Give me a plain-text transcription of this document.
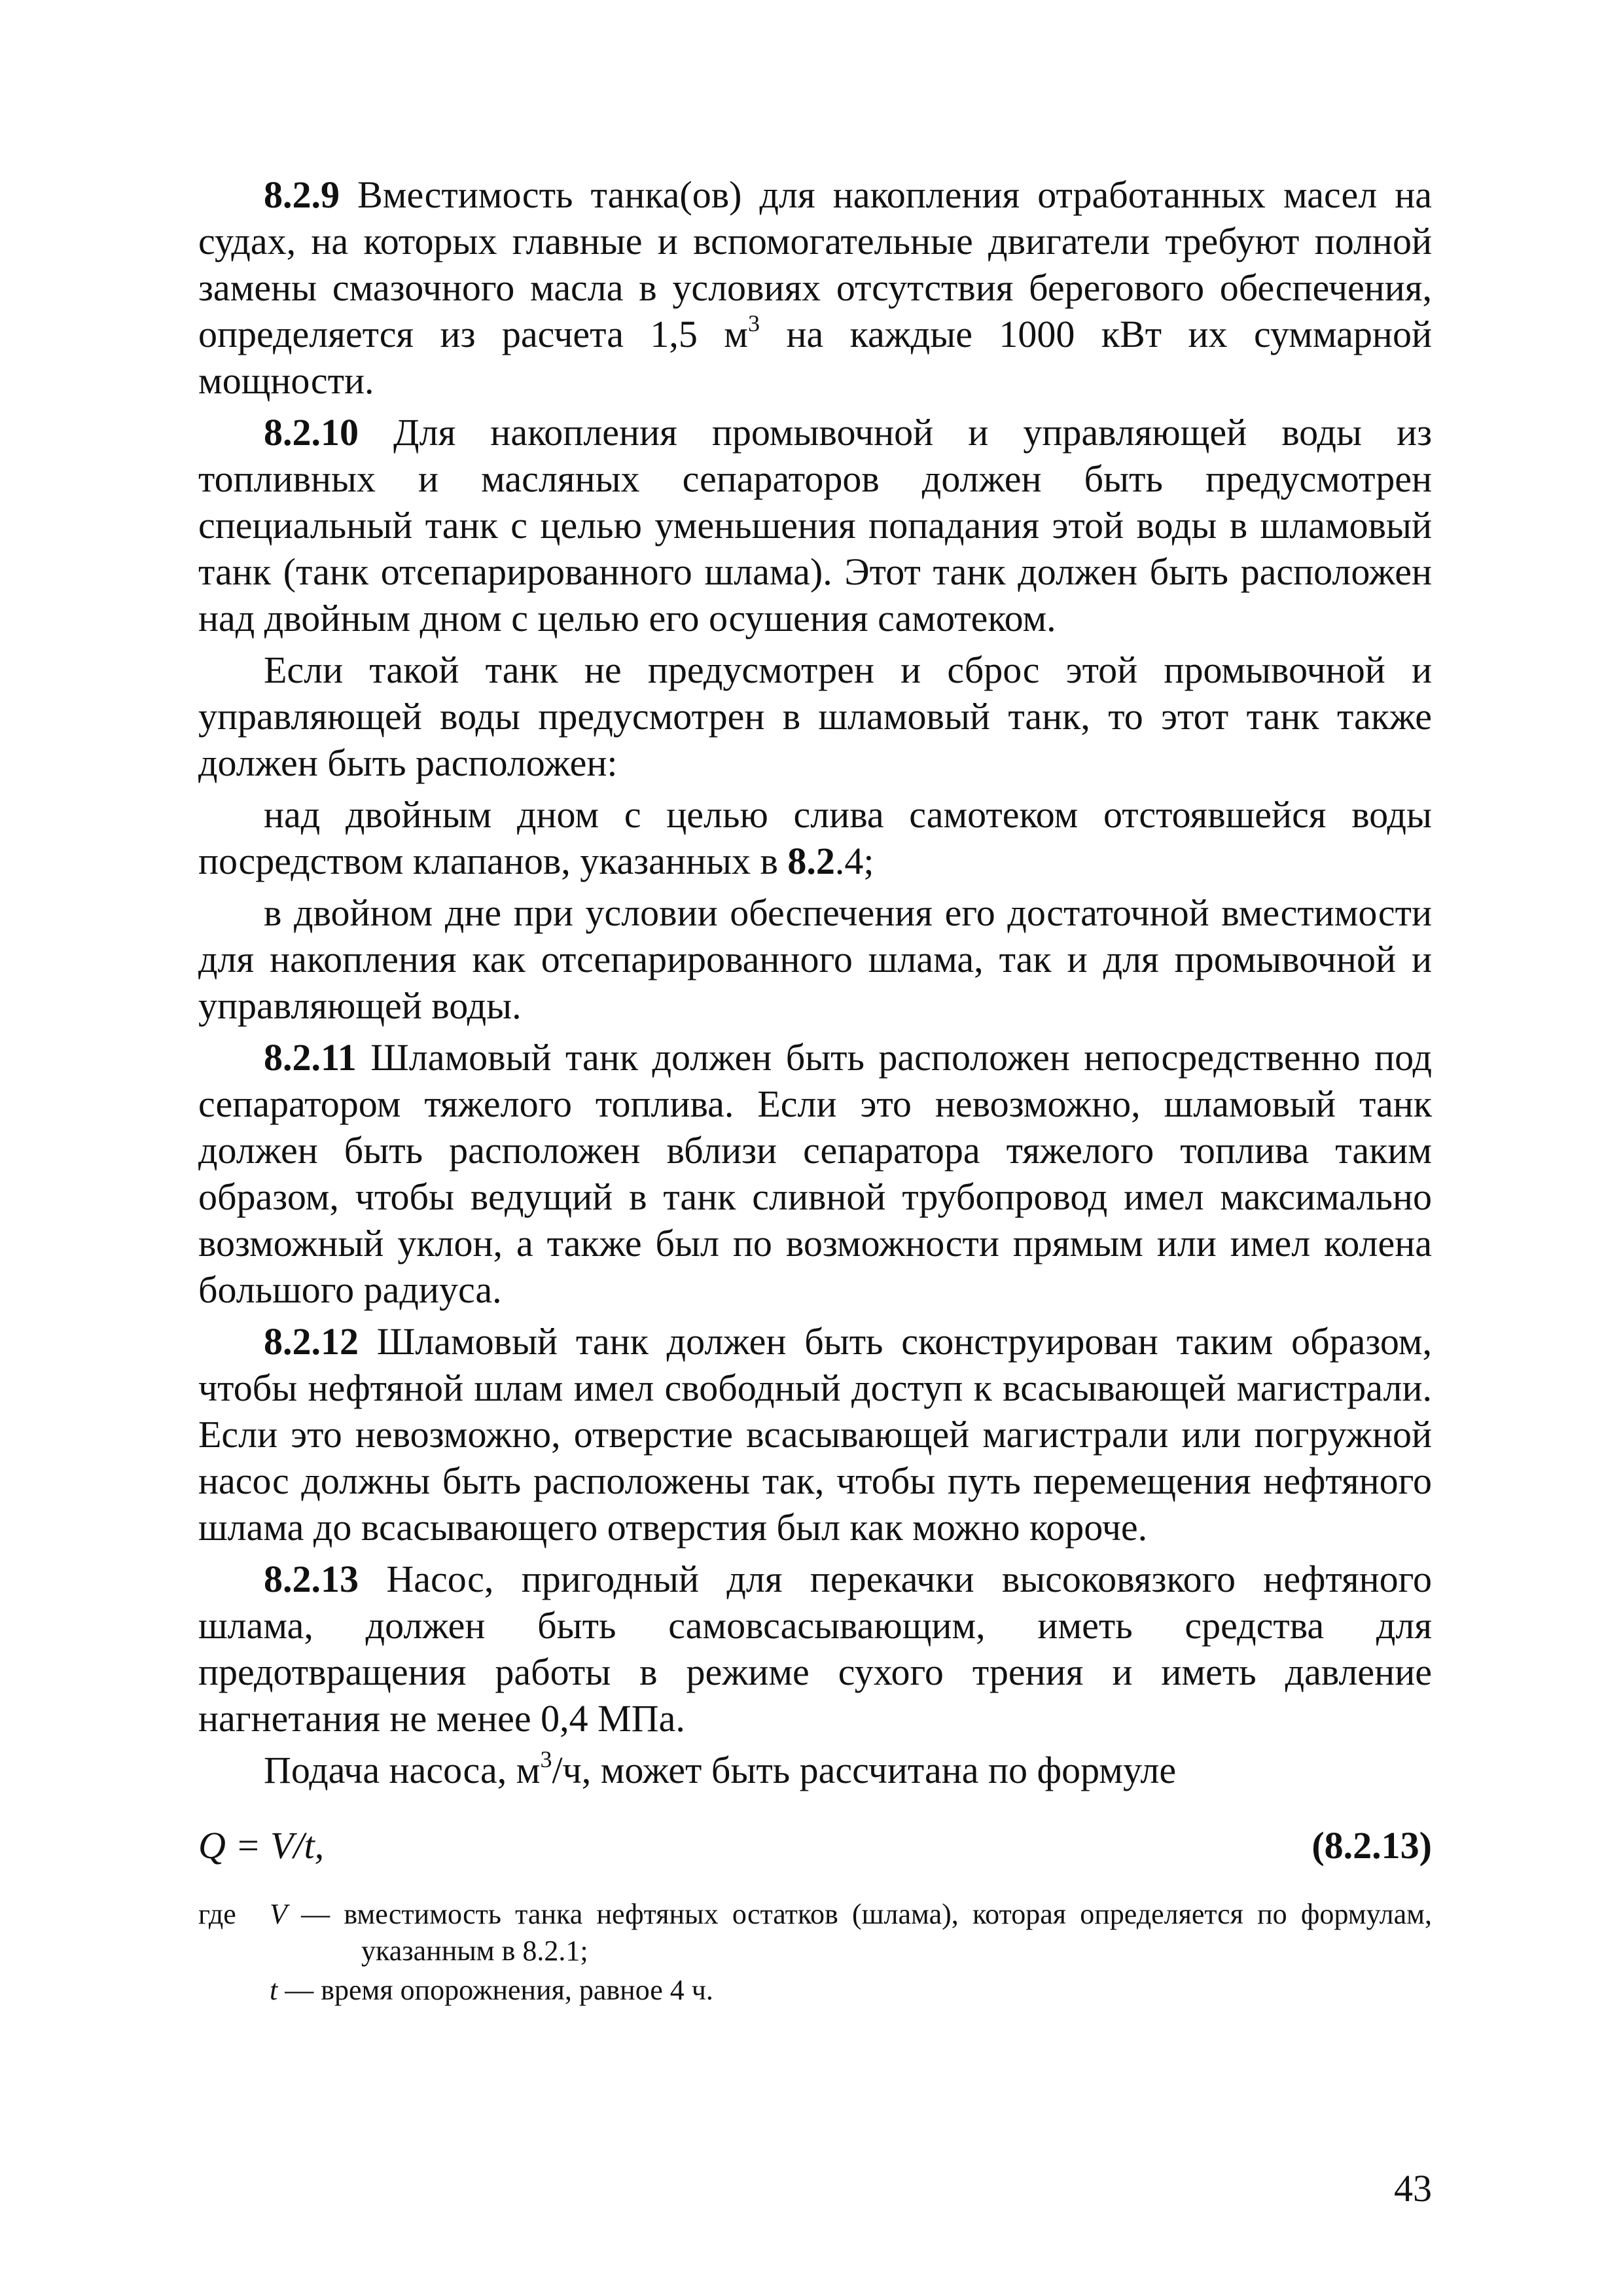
8.2.9 Вместимость танка(ов) для накопления отработанных масел на судах, на которых главные и вспомогательные двигатели требуют полной замены смазочного масла в условиях отсутствия берегового обеспечения, определяется из расчета 1,5 $м^3$ на каждые 1000 кВт их суммарной мощности.

8.2.10 Для накопления промывочной и управляющей воды из топливных и масляных сепараторов должен быть предусмотрен специальный танк с целью уменьшения попадания этой воды в шламовый танк (танк отсепарированного шлама). Этот танк должен быть расположен над двойным дном с целью его осушения самотеком.

Если такой танк не предусмотрен и сброс этой промывочной и управляющей воды предусмотрен в шламовый танк, то этот танк также должен быть расположен:

над двойным дном с целью слива самотеком отстоявшейся воды посредством клапанов, указанных в 8.2.4;

в двойном дне при условии обеспечения его достаточной вместимости для накопления как отсепарированного шлама, так и для промывочной и управляющей воды.

8.2.11 Шламовый танк должен быть расположен непосредственно под сепаратором тяжелого топлива. Если это невозможно, шламовый танк должен быть расположен вблизи сепаратора тяжелого топлива таким образом, чтобы ведущий в танк сливной трубопровод имел максимально возможный уклон, а также был по возможности прямым или имел колена большого радиуса.

8.2.12 Шламовый танк должен быть сконструирован таким образом, чтобы нефтяной шлам имел свободный доступ к всасывающей магистрали. Если это невозможно, отверстие всасывающей магистрали или погружной насос должны быть расположены так, чтобы путь перемещения нефтяного шлама до всасывающего отверстия был как можно короче.

8.2.13 Насос, пригодный для перекачки высоковязкого нефтяного шлама, должен быть самовсасывающим, иметь средства для предотвращения работы в режиме сухого трения и иметь давление нагнетания не менее 0,4 МПа.

Подача насоса, $м^3/ч$, может быть рассчитана по формуле

Q = V/t,	(8.2.13)
где	V — вместимость танка нефтяных остатков (шлама), которая определяется по формулам, указанным в 8.2.1;
t — время опорожнения, равное 4 ч.
43
